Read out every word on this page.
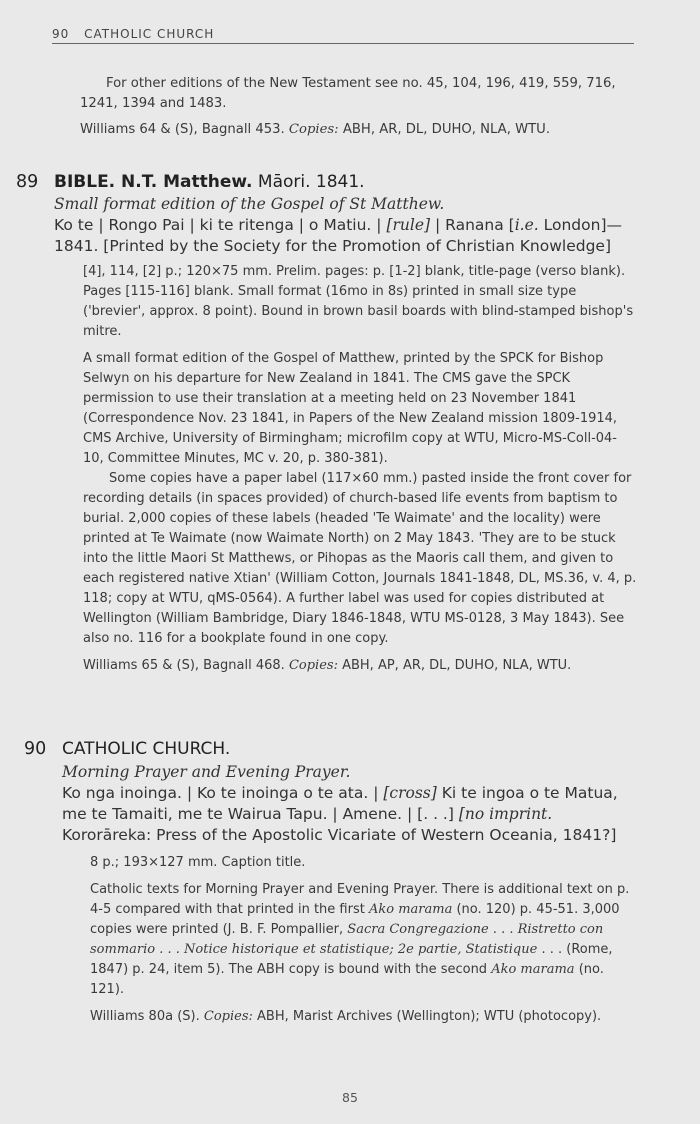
90 CATHOLIC CHURCH

For other editions of the New Testament see no. 45, 104, 196, 419, 559, 716, 1241, 1394 and 1483.

Williams 64 & (S), Bagnall 453. Copies: ABH, AR, DL, DUHO, NLA, WTU.

89 BIBLE. N.T. Matthew. Māori. 1841.

Small format edition of the Gospel of St Matthew.

Ko te | Rongo Pai | ki te ritenga | o Matiu. | [rule] | Ranana [i.e. London]—

1841. [Printed by the Society for the Promotion of Christian Knowledge]

[4], 114, [2] p.; 120×75 mm. Prelim. pages: p. [1-2] blank, title-page (verso blank). Pages [115-116] blank. Small format (16mo in 8s) printed in small size type ('brevier', approx. 8 point). Bound in brown basil boards with blind-stamped bishop's mitre.

A small format edition of the Gospel of Matthew, printed by the SPCK for Bishop Selwyn on his departure for New Zealand in 1841. The CMS gave the SPCK permission to use their translation at a meeting held on 23 November 1841 (Correspondence Nov. 23 1841, in Papers of the New Zealand mission 1809-1914, CMS Archive, University of Birmingham; microfilm copy at WTU, Micro-MS-Coll-04-10, Committee Minutes, MC v. 20, p. 380-381).

Some copies have a paper label (117×60 mm.) pasted inside the front cover for recording details (in spaces provided) of church-based life events from baptism to burial. 2,000 copies of these labels (headed 'Te Waimate' and the locality) were printed at Te Waimate (now Waimate North) on 2 May 1843. 'They are to be stuck into the little Maori St Matthews, or Pihopas as the Maoris call them, and given to each registered native Xtian' (William Cotton, Journals 1841-1848, DL, MS.36, v. 4, p. 118; copy at WTU, qMS-0564). A further label was used for copies distributed at Wellington (William Bambridge, Diary 1846-1848, WTU MS-0128, 3 May 1843). See also no. 116 for a bookplate found in one copy.

Williams 65 & (S), Bagnall 468. Copies: ABH, AP, AR, DL, DUHO, NLA, WTU.

90 CATHOLIC CHURCH.

Morning Prayer and Evening Prayer.

Ko nga inoinga. | Ko te inoinga o te ata. | [cross] Ki te ingoa o te Matua,

me te Tamaiti, me te Wairua Tapu. | Amene. | [. . .] [no imprint.

Kororāreka: Press of the Apostolic Vicariate of Western Oceania, 1841?]

8 p.; 193×127 mm. Caption title.

Catholic texts for Morning Prayer and Evening Prayer. There is additional text on p. 4-5 compared with that printed in the first Ako marama (no. 120) p. 45-51. 3,000 copies were printed (J. B. F. Pompallier, Sacra Congregazione . . . Ristretto con sommario . . . Notice historique et statistique; 2e partie, Statistique . . . (Rome, 1847) p. 24, item 5). The ABH copy is bound with the second Ako marama (no. 121).

Williams 80a (S). Copies: ABH, Marist Archives (Wellington); WTU (photocopy).

85
